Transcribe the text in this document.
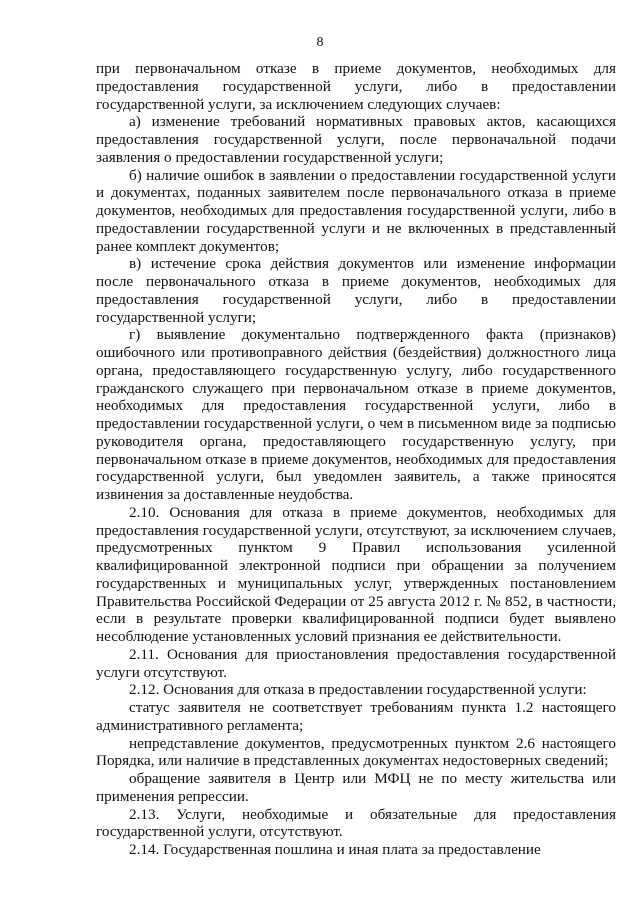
8

при первоначальном отказе в приеме документов, необходимых для предоставления государственной услуги, либо в предоставлении государственной услуги, за исключением следующих случаев:

а) изменение требований нормативных правовых актов, касающихся предоставления государственной услуги, после первоначальной подачи заявления о предоставлении государственной услуги;

б) наличие ошибок в заявлении о предоставлении государственной услуги и документах, поданных заявителем после первоначального отказа в приеме документов, необходимых для предоставления государственной услуги, либо в предоставлении государственной услуги и не включенных в представленный ранее комплект документов;

в) истечение срока действия документов или изменение информации после первоначального отказа в приеме документов, необходимых для предоставления государственной услуги, либо в предоставлении государственной услуги;

г) выявление документально подтвержденного факта (признаков) ошибочного или противоправного действия (бездействия) должностного лица органа, предоставляющего государственную услугу, либо государственного гражданского служащего при первоначальном отказе в приеме документов, необходимых для предоставления государственной услуги, либо в предоставлении государственной услуги, о чем в письменном виде за подписью руководителя органа, предоставляющего государственную услугу, при первоначальном отказе в приеме документов, необходимых для предоставления государственной услуги, был уведомлен заявитель, а также приносятся извинения за доставленные неудобства.

2.10. Основания для отказа в приеме документов, необходимых для предоставления государственной услуги, отсутствуют, за исключением случаев, предусмотренных пунктом 9 Правил использования усиленной квалифицированной электронной подписи при обращении за получением государственных и муниципальных услуг, утвержденных постановлением Правительства Российской Федерации от 25 августа 2012 г. № 852, в частности, если в результате проверки квалифицированной подписи будет выявлено несоблюдение установленных условий признания ее действительности.

2.11. Основания для приостановления предоставления государственной услуги отсутствуют.

2.12. Основания для отказа в предоставлении государственной услуги:

статус заявителя не соответствует требованиям пункта 1.2 настоящего административного регламента;

непредставление документов, предусмотренных пунктом 2.6 настоящего Порядка, или наличие в представленных документах недостоверных сведений;

обращение заявителя в Центр или МФЦ не по месту жительства или применения репрессии.

2.13. Услуги, необходимые и обязательные для предоставления государственной услуги, отсутствуют.

2.14. Государственная пошлина и иная плата за предоставление
